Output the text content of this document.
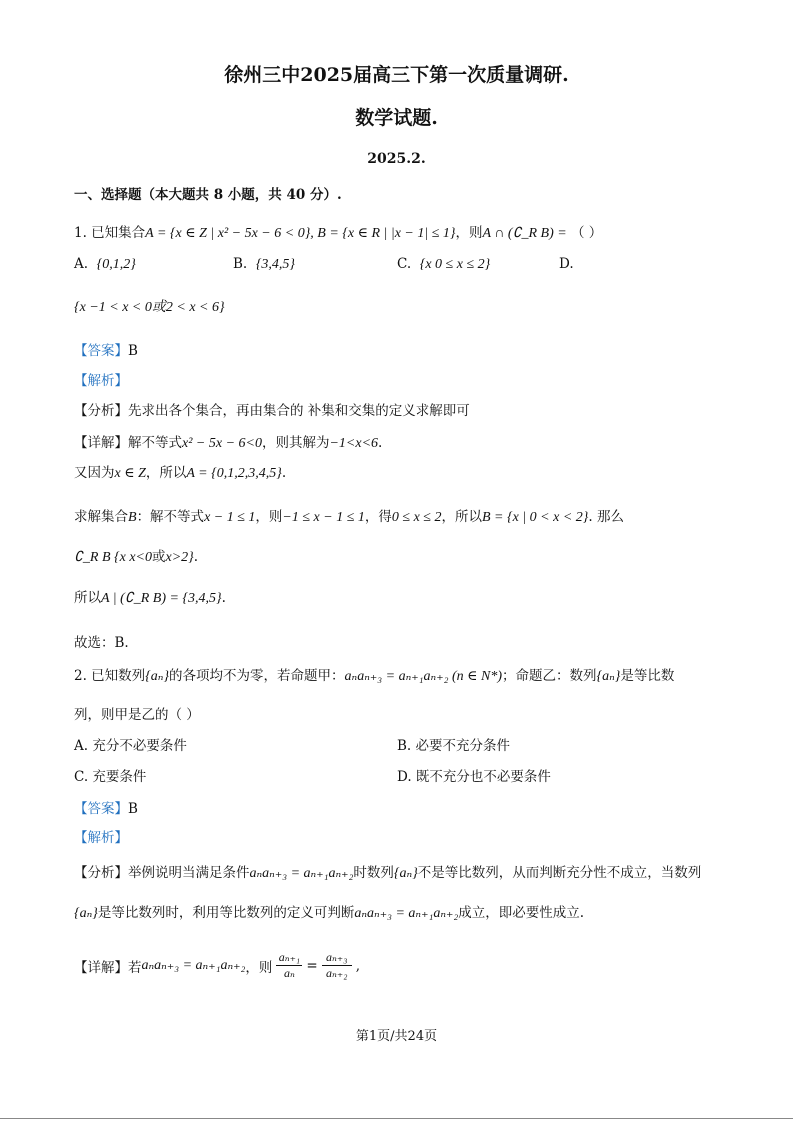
徐州三中2025届高三下第一次质量调研.
数学试题.
2025.2.
一、选择题（本大题共 8 小题，共 40 分）.
1. 已知集合A = {x ∈ Z | x² − 5x − 6 < 0}, B = {x ∈ R | |x − 1| ≤ 1}，则A ∩ (∁_R B) = （ ）
A. {0,1,2}	B. {3,4,5}	C. {x 0 ≤ x ≤ 2}	D.
{x −1 < x < 0或2 < x < 6}
【答案】B
【解析】
【分析】先求出各个集合，再由集合的 补集和交集的定义求解即可
【详解】解不等式x² − 5x − 6<0，则其解为−1<x<6.
又因为x ∈ Z，所以A = {0,1,2,3,4,5}.
求解集合B：解不等式x − 1 ≤ 1，则−1 ≤ x − 1 ≤ 1，得0 ≤ x ≤ 2，所以B = {x | 0 < x < 2}. 那么
∁_R B {x x<0或x>2}.
所以A | (∁_R B) = {3,4,5}.
故选：B.
2. 已知数列{aₙ}的各项均不为零，若命题甲：aₙaₙ₊₃ = aₙ₊₁aₙ₊₂ (n ∈ N*)；命题乙：数列{aₙ}是等比数
列，则甲是乙的（ ）
A. 充分不必要条件	B. 必要不充分条件
C. 充要条件	D. 既不充分也不必要条件
【答案】B
【解析】
【分析】举例说明当满足条件aₙaₙ₊₃ = aₙ₊₁aₙ₊₂时数列{aₙ}不是等比数列，从而判断充分性不成立，当数列
{aₙ}是等比数列时，利用等比数列的定义可判断aₙaₙ₊₃ = aₙ₊₁aₙ₊₂成立，即必要性成立.
【详解】 若 aₙaₙ₊₃ = aₙ₊₁aₙ₊₂ ，则
aₙ₊₁
aₙ =
aₙ₊₃
aₙ₊₂ ,
第1页/共24页
